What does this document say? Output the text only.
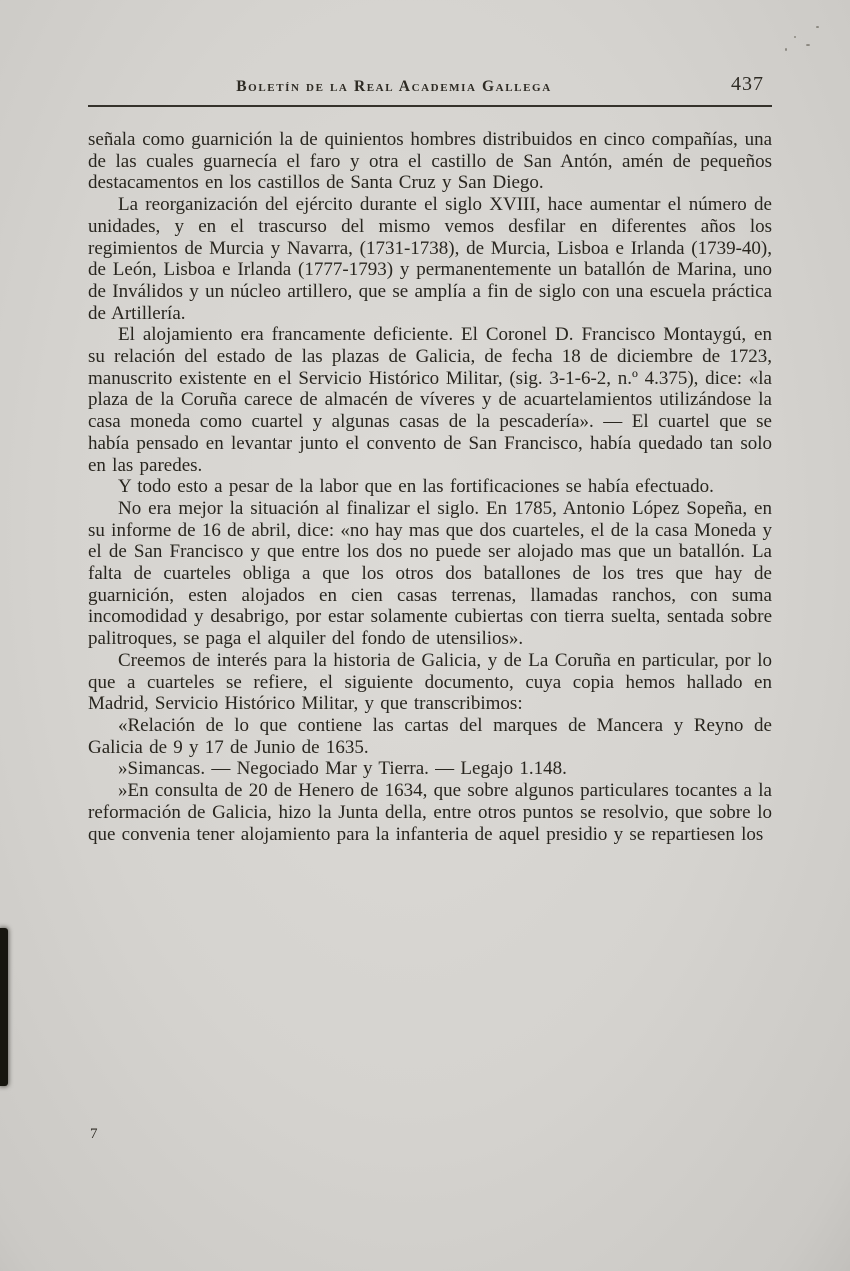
Boletín de la Real Academia Gallega	437

señala como guarnición la de quinientos hombres distribuidos en cinco compañías, una de las cuales guarnecía el faro y otra el castillo de San Antón, amén de pequeños destacamentos en los castillos de Santa Cruz y San Diego.

La reorganización del ejército durante el siglo XVIII, hace aumentar el número de unidades, y en el trascurso del mismo vemos desfilar en diferentes años los regimientos de Murcia y Navarra, (1731-1738), de Murcia, Lisboa e Irlanda (1739-40), de León, Lisboa e Irlanda (1777-1793) y permanentemente un batallón de Marina, uno de Inválidos y un núcleo artillero, que se amplía a fin de siglo con una escuela práctica de Artillería.

El alojamiento era francamente deficiente. El Coronel D. Francisco Montaygú, en su relación del estado de las plazas de Galicia, de fecha 18 de diciembre de 1723, manuscrito existente en el Servicio Histórico Militar, (sig. 3-1-6-2, n.º 4.375), dice: «la plaza de la Coruña carece de almacén de víveres y de acuartelamientos utilizándose la casa moneda como cuartel y algunas casas de la pescadería». — El cuartel que se había pensado en levantar junto el convento de San Francisco, había quedado tan solo en las paredes.

Y todo esto a pesar de la labor que en las fortificaciones se había efectuado.

No era mejor la situación al finalizar el siglo. En 1785, Antonio López Sopeña, en su informe de 16 de abril, dice: «no hay mas que dos cuarteles, el de la casa Moneda y el de San Francisco y que entre los dos no puede ser alojado mas que un batallón. La falta de cuarteles obliga a que los otros dos batallones de los tres que hay de guarnición, esten alojados en cien casas terrenas, llamadas ranchos, con suma incomodidad y desabrigo, por estar solamente cubiertas con tierra suelta, sentada sobre palitroques, se paga el alquiler del fondo de utensilios».

Creemos de interés para la historia de Galicia, y de La Coruña en particular, por lo que a cuarteles se refiere, el siguiente documento, cuya copia hemos hallado en Madrid, Servicio Histórico Militar, y que transcribimos:

«Relación de lo que contiene las cartas del marques de Mancera y Reyno de Galicia de 9 y 17 de Junio de 1635.

»Simancas. — Negociado Mar y Tierra. — Legajo 1.148.

»En consulta de 20 de Henero de 1634, que sobre algunos particulares tocantes a la reformación de Galicia, hizo la Junta della, entre otros puntos se resolvio, que sobre lo que convenia tener alojamiento para la infanteria de aquel presidio y se repartiesen los

7
